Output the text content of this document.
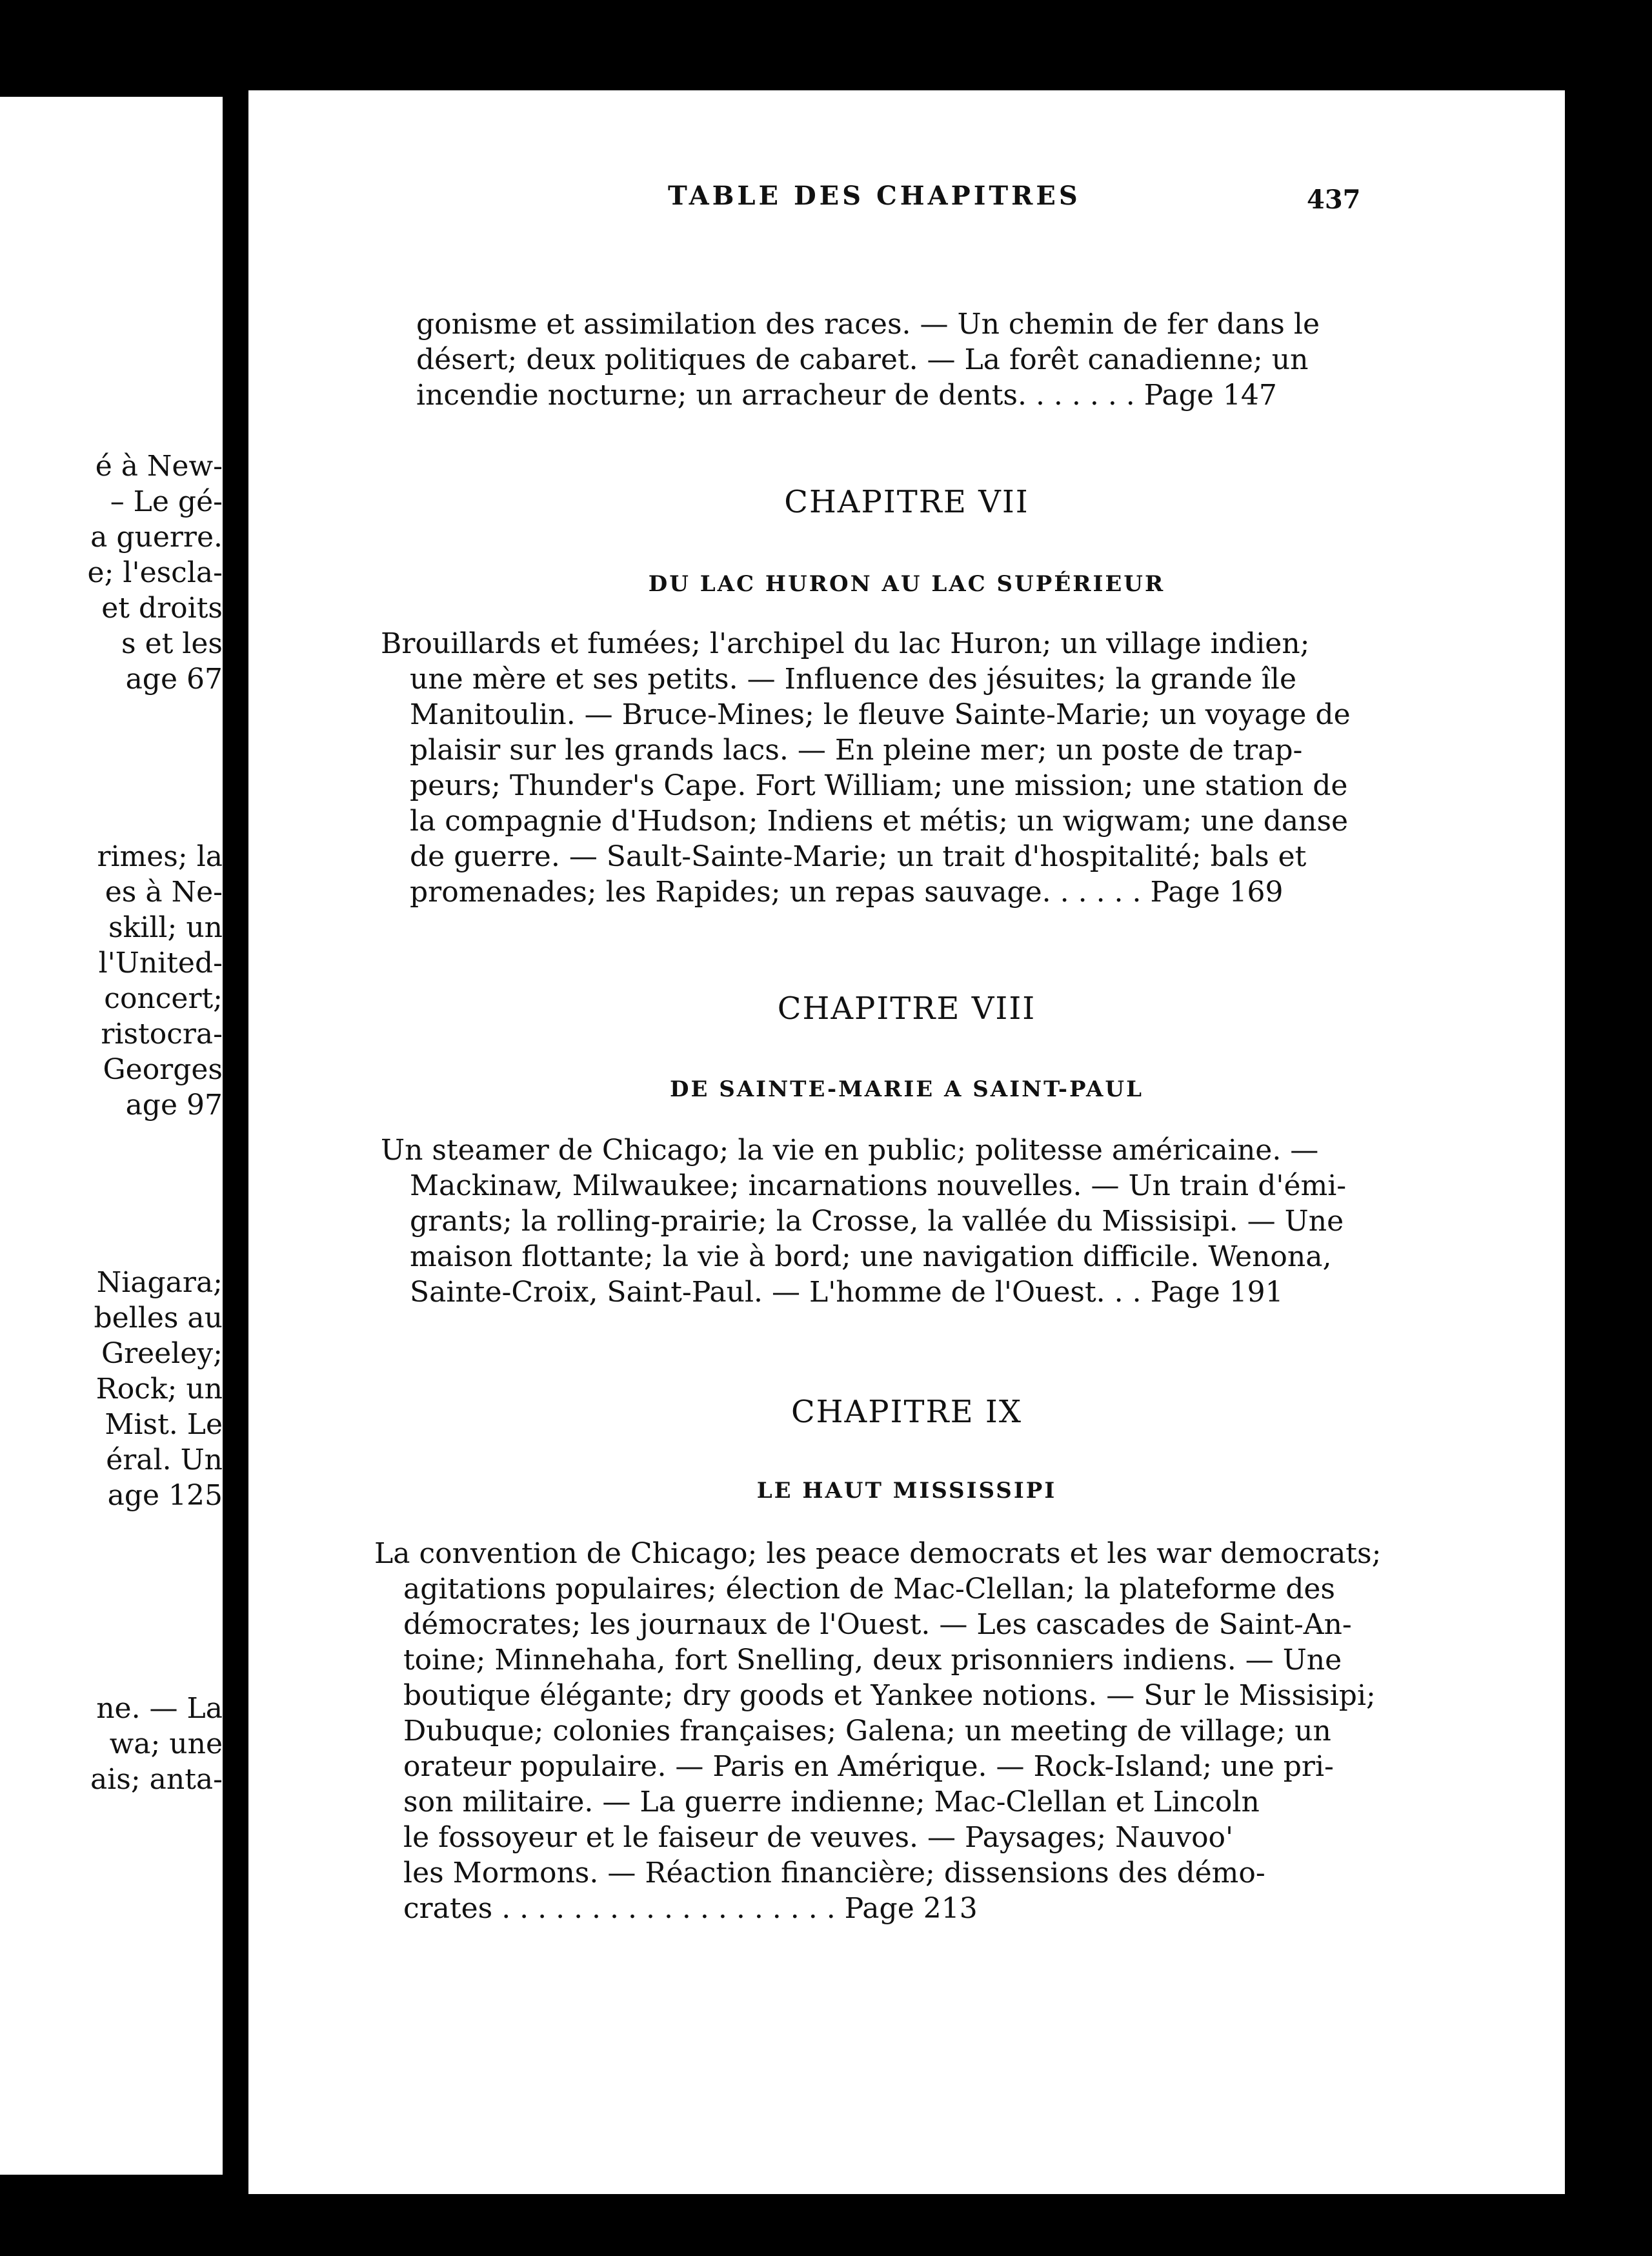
é à New-
– Le gé-
a guerre.
e; l'escla-
et droits
s et les
age 67
rimes; la
es à Ne-
skill; un
l'United-
concert;
ristocra-
Georges
age 97
Niagara;
belles au
Greeley;
Rock; un
Mist. Le
éral. Un
age 125
ne. — La
wa; une
ais; anta-
TABLE DES CHAPITRES	437
gonisme et assimilation des races. — Un chemin de fer dans le
désert; deux politiques de cabaret. — La forêt canadienne; un
incendie nocturne; un arracheur de dents. . . . . . . Page 147
CHAPITRE VII
DU LAC HURON AU LAC SUPÉRIEUR
Brouillards et fumées; l'archipel du lac Huron; un village indien;
une mère et ses petits. — Influence des jésuites; la grande île
Manitoulin. — Bruce-Mines; le fleuve Sainte-Marie; un voyage de
plaisir sur les grands lacs. — En pleine mer; un poste de trap-
peurs; Thunder's Cape. Fort William; une mission; une station de
la compagnie d'Hudson; Indiens et métis; un wigwam; une danse
de guerre. — Sault-Sainte-Marie; un trait d'hospitalité; bals et
promenades; les Rapides; un repas sauvage. . . . . . Page 169
CHAPITRE VIII
DE SAINTE-MARIE A SAINT-PAUL
Un steamer de Chicago; la vie en public; politesse américaine. —
Mackinaw, Milwaukee; incarnations nouvelles. — Un train d'émi-
grants; la rolling-prairie; la Crosse, la vallée du Missisipi. — Une
maison flottante; la vie à bord; une navigation difficile. Wenona,
Sainte-Croix, Saint-Paul. — L'homme de l'Ouest. . . Page 191
CHAPITRE IX
LE HAUT MISSISSIPI
La convention de Chicago; les peace democrats et les war democrats;
agitations populaires; élection de Mac-Clellan; la plateforme des
démocrates; les journaux de l'Ouest. — Les cascades de Saint-An-
toine; Minnehaha, fort Snelling, deux prisonniers indiens. — Une
boutique élégante; dry goods et Yankee notions. — Sur le Missisipi;
Dubuque; colonies françaises; Galena; un meeting de village; un
orateur populaire. — Paris en Amérique. — Rock-Island; une pri-
son militaire. — La guerre indienne; Mac-Clellan et Lincoln
le fossoyeur et le faiseur de veuves. — Paysages; Nauvoo'
les Mormons. — Réaction financière; dissensions des démo-
crates . . . . . . . . . . . . . . . . . . . Page 213
